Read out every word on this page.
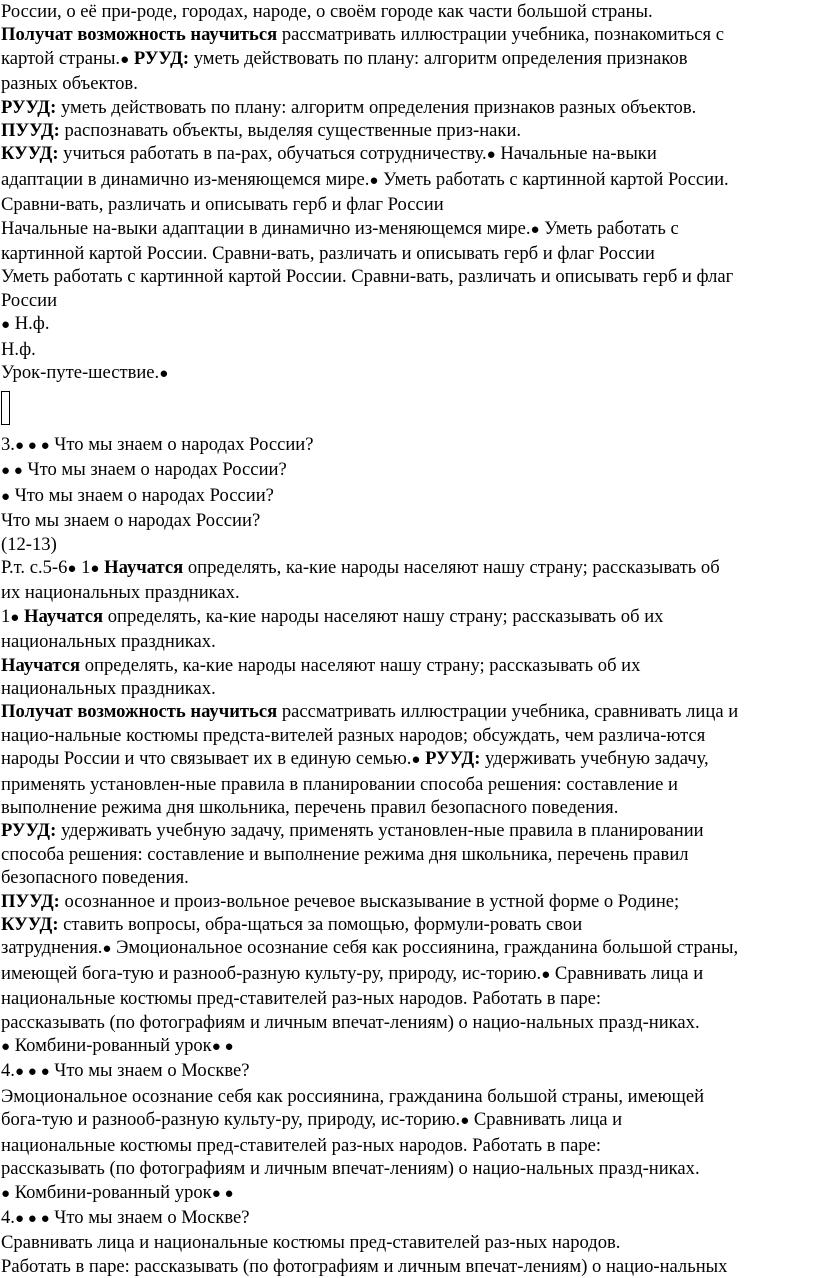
России, о её при-роде, городах, народе, о своём городе как части большой страны.
Получат возможность научиться рассматривать иллюстрации учебника, познакомиться с
картой страны.● РУУД: уметь действовать по плану: алгоритм определения признаков
разных объектов.
РУУД: уметь действовать по плану: алгоритм определения признаков разных объектов.
ПУУД: распознавать объекты, выделяя существенные приз-наки.
КУУД: учиться работать в па-рах, обучаться сотрудничеству.● Начальные на-выки
адаптации в динамично из-меняющемся мире.● Уметь работать с картинной картой России.
Сравни-вать, различать и описывать герб и флаг России
Начальные на-выки адаптации в динамично из-меняющемся мире.● Уметь работать с
картинной картой России. Сравни-вать, различать и описывать герб и флаг России
Уметь работать с картинной картой России. Сравни-вать, различать и описывать герб и флаг
России
● Н.ф.
Н.ф.
Урок-путе-шествие.●
3.● ● ● Что мы знаем о народах России?
● ● Что мы знаем о народах России?
● Что мы знаем о народах России?
Что мы знаем о народах России?
(12-13)
Р.т. с.5-6● 1● Научатся определять, ка-кие народы населяют нашу страну; рассказывать об
их национальных праздниках.
1● Научатся определять, ка-кие народы населяют нашу страну; рассказывать об их
национальных праздниках.
Научатся определять, ка-кие народы населяют нашу страну; рассказывать об их
национальных праздниках.
Получат возможность научиться рассматривать иллюстрации учебника, сравнивать лица и
нацио-нальные костюмы предста-вителей разных народов; обсуждать, чем различа-ются
народы России и что связывает их в единую семью.● РУУД: удерживать учебную задачу,
применять установлен-ные правила в планировании способа решения: составление и
выполнение режима дня школьника, перечень правил безопасного поведения.
РУУД: удерживать учебную задачу, применять установлен-ные правила в планировании
способа решения: составление и выполнение режима дня школьника, перечень правил
безопасного поведения.
ПУУД: осознанное и произ-вольное речевое высказывание в устной форме о Родине;
КУУД: ставить вопросы, обра-щаться за помощью, формули-ровать свои
затруднения.● Эмоциональное осознание себя как россиянина, гражданина большой страны,
имеющей бога-тую и разнооб-разную культу-ру, природу, ис-торию.● Сравнивать лица и
национальные костюмы пред-ставителей раз-ных народов. Работать в паре:
рассказывать (по фотографиям и личным впечат-лениям) о нацио-нальных празд-никах.
● Комбини-рованный урок● ●
4.● ● ● Что мы знаем о Москве?
Эмоциональное осознание себя как россиянина, гражданина большой страны, имеющей
бога-тую и разнооб-разную культу-ру, природу, ис-торию.● Сравнивать лица и
национальные костюмы пред-ставителей раз-ных народов. Работать в паре:
рассказывать (по фотографиям и личным впечат-лениям) о нацио-нальных празд-никах.
● Комбини-рованный урок● ●
4.● ● ● Что мы знаем о Москве?
Сравнивать лица и национальные костюмы пред-ставителей раз-ных народов.
Работать в паре: рассказывать (по фотографиям и личным впечат-лениям) о нацио-нальных
